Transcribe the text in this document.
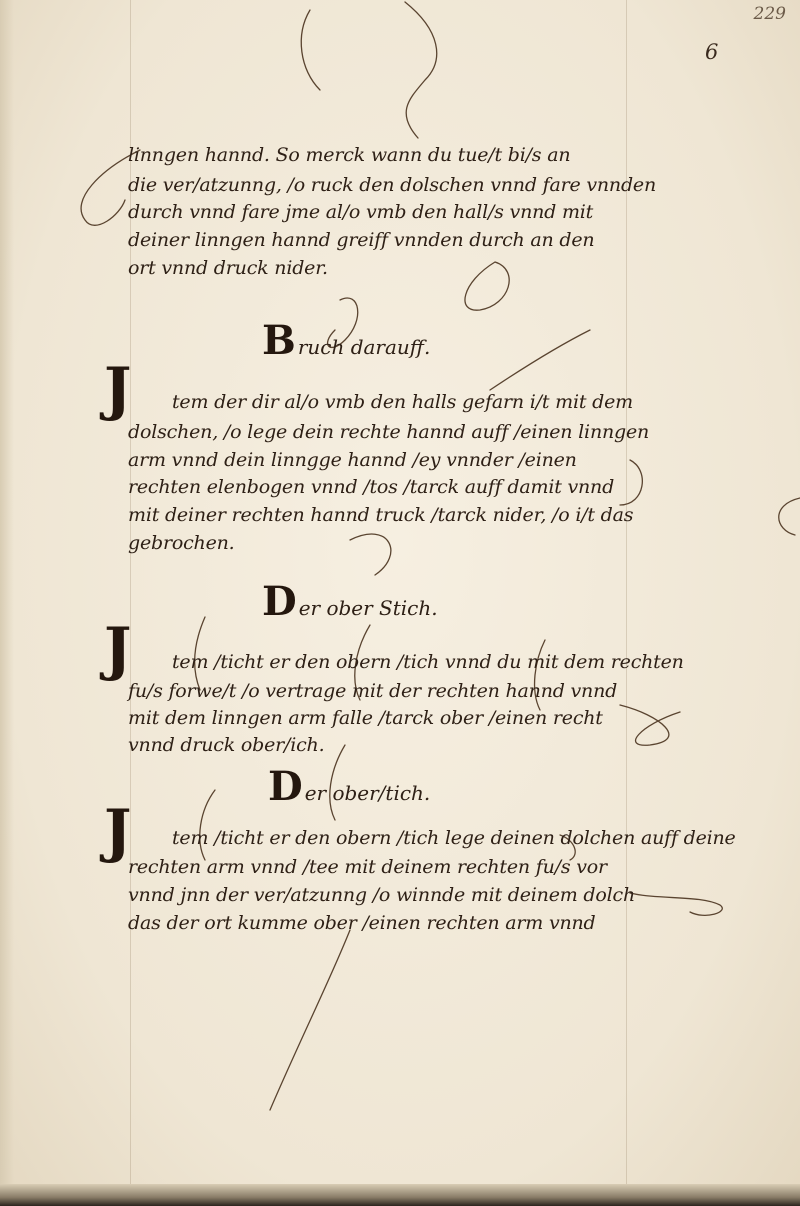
229
6
linngen hannd. So merck wann du tue/t bi/s an
die ver/atzunng, /o ruck den dolschen vnnd fare vnnden
durch vnnd fare jme al/o vmb den hall/s vnnd mit
deiner linngen hannd greiff vnnden durch an den
ort vnnd druck nider.
Bruch darauff.
J tem der dir al/o vmb den halls gefarn i/t mit dem
dolschen, /o lege dein rechte hannd auff /einen linngen
arm vnnd dein linngge hannd /ey vnnder /einen
rechten elenbogen vnnd /tos /tarck auff damit vnnd
mit deiner rechten hannd truck /tarck nider, /o i/t das
gebrochen.
Der ober Stich.
J tem /ticht er den obern /tich vnnd du mit dem rechten
fu/s forwe/t /o vertrage mit der rechten hannd vnnd
mit dem linngen arm falle /tarck ober /einen recht
vnnd druck ober/ich.
Der ober/tich.
J tem /ticht er den obern /tich lege deinen dolchen auff deine
rechten arm vnnd /tee mit deinem rechten fu/s vor
vnnd jnn der ver/atzunng /o winnde mit deinem dolch
das der ort kumme ober /einen rechten arm vnnd
